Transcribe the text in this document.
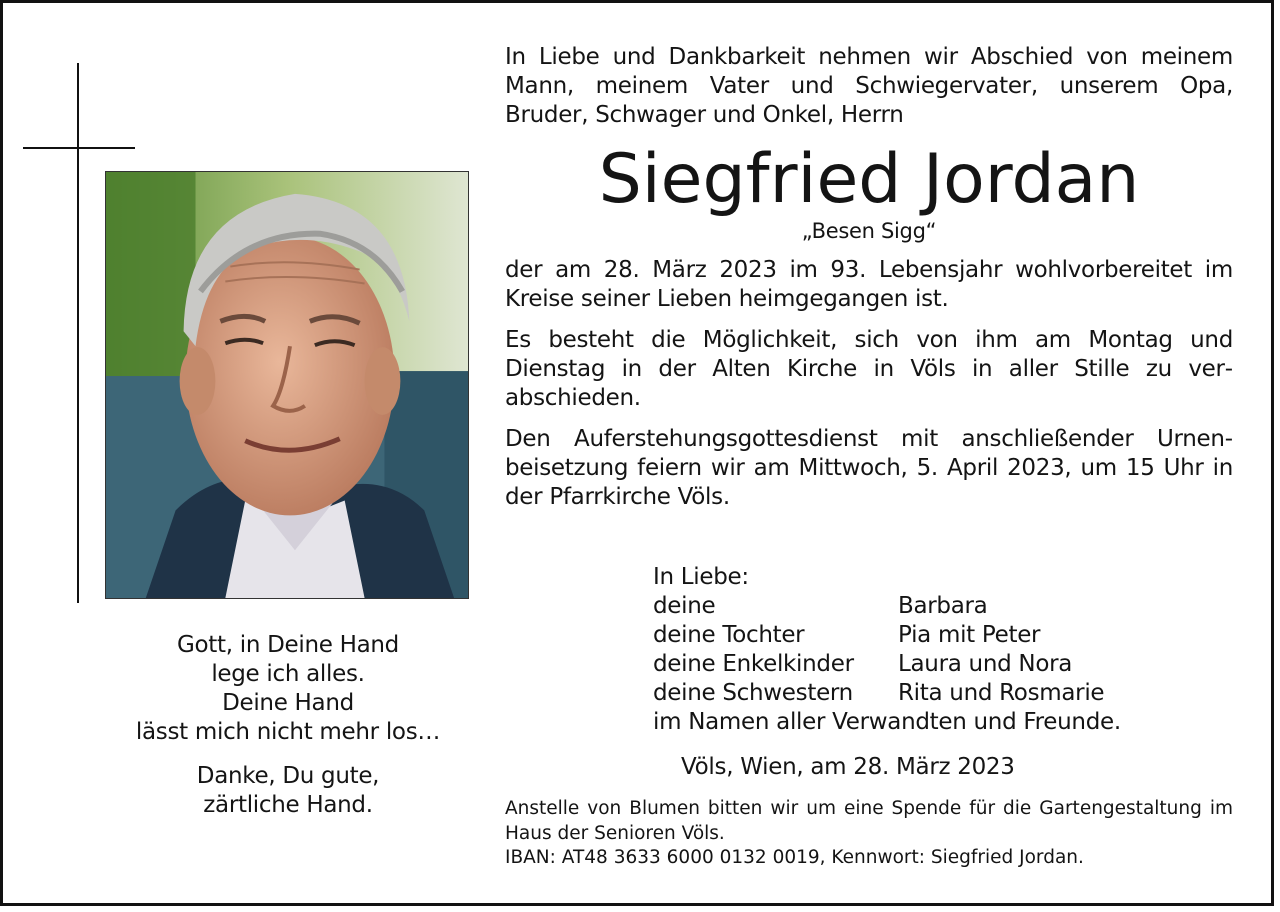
Gott, in Deine Hand
lege ich alles.
Deine Hand
lässt mich nicht mehr los…
Danke, Du gute,
zärtliche Hand.

In Liebe und Dankbarkeit nehmen wir Abschied von meinem Mann, meinem Vater und Schwiegervater, unserem Opa, Bruder, Schwager und Onkel, Herrn

Siegfried Jordan

„Besen Sigg“

der am 28. März 2023 im 93. Lebensjahr wohlvorbereitet im Kreise seiner Lieben heimgegangen ist.

Es besteht die Möglichkeit, sich von ihm am Montag und Dienstag in der Alten Kirche in Völs in aller Stille zu verabschieden.

Den Auferstehungsgottesdienst mit anschließender Urnenbeisetzung feiern wir am Mittwoch, 5. April 2023, um 15 Uhr in der Pfarrkirche Völs.

In Liebe:
deine	Barbara
deine Tochter	Pia mit Peter
deine Enkelkinder	Laura und Nora
deine Schwestern	Rita und Rosmarie
im Namen aller Verwandten und Freunde.
Völs, Wien, am 28. März 2023
Anstelle von Blumen bitten wir um eine Spende für die Gartengestaltung im Haus der Senioren Völs.
IBAN: AT48 3633 6000 0132 0019, Kennwort: Siegfried Jordan.
